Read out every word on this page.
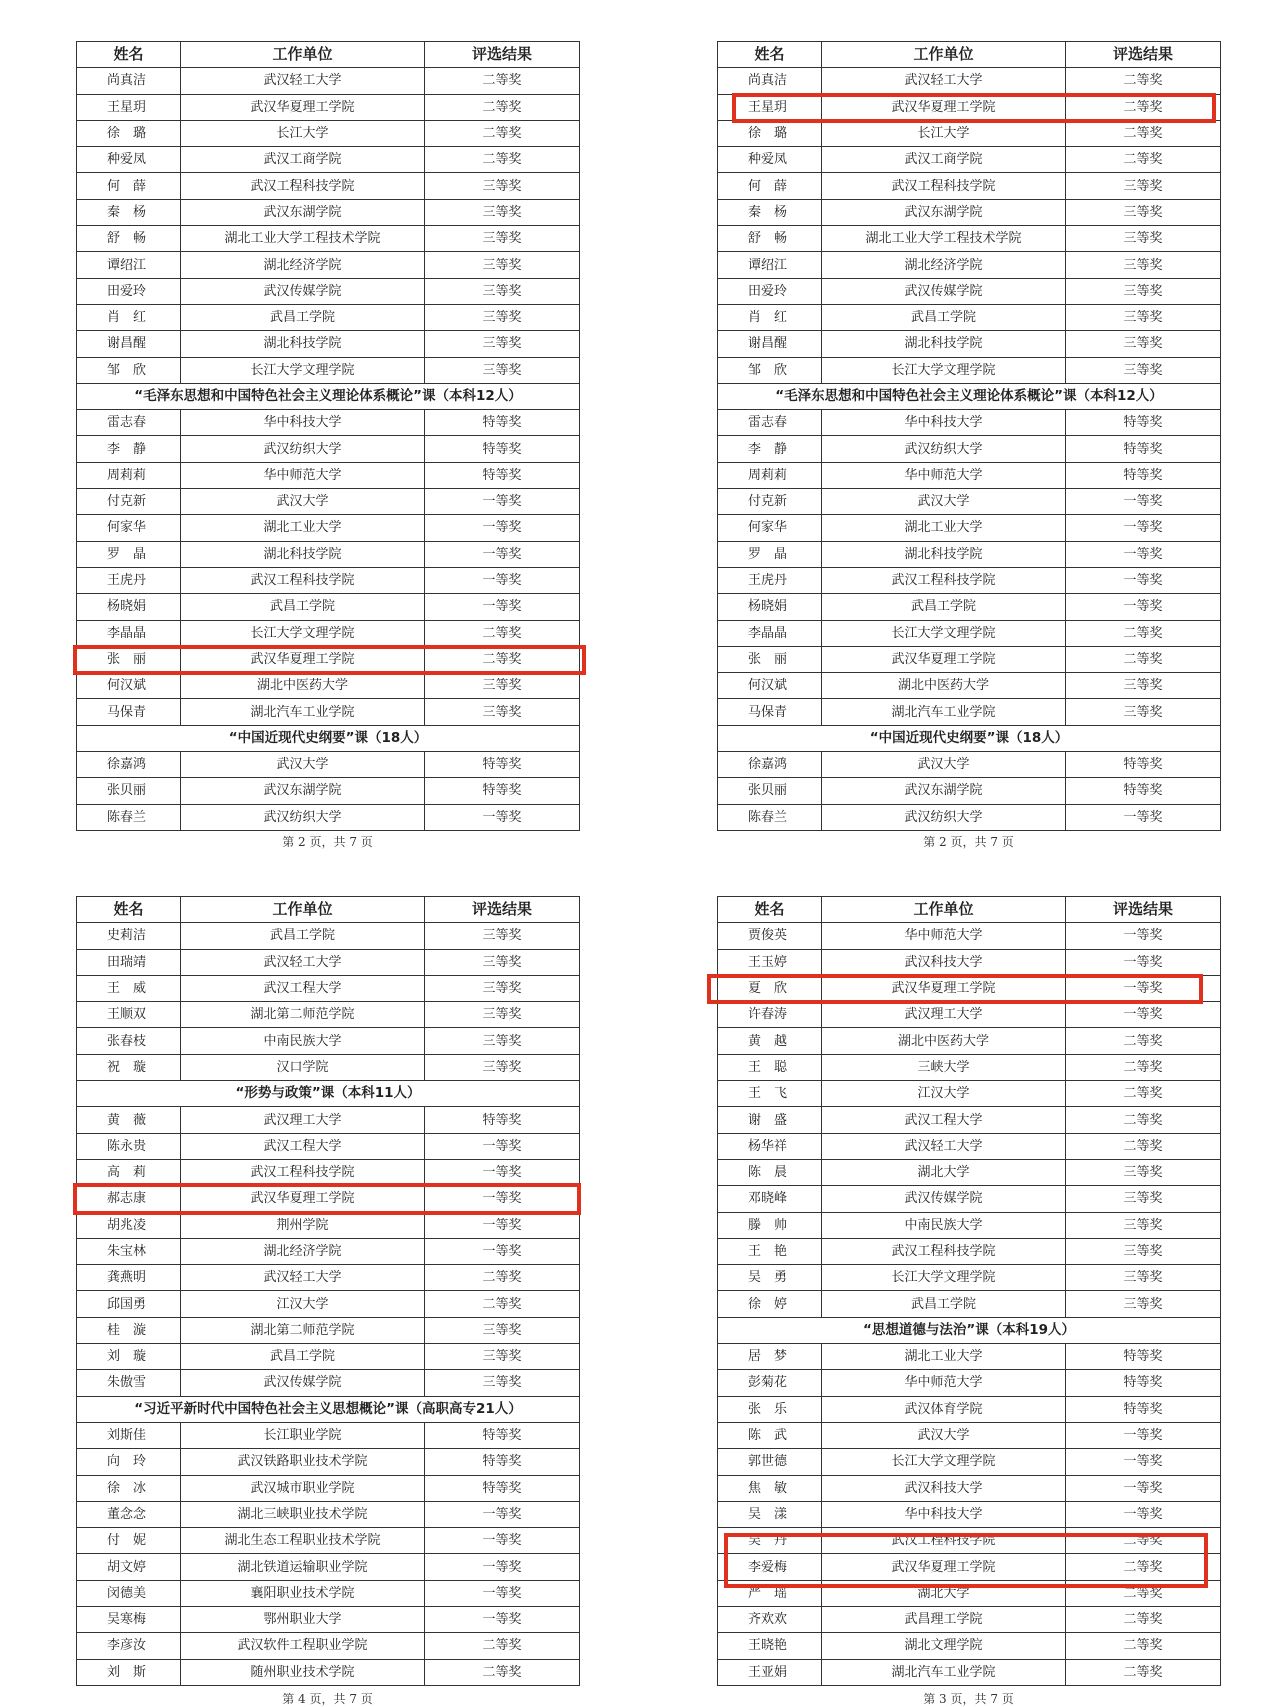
姓名	工作单位	评选结果
尚真洁	武汉轻工大学	二等奖
王星玥	武汉华夏理工学院	二等奖
徐　璐	长江大学	二等奖
种爱凤	武汉工商学院	二等奖
何　薛	武汉工程科技学院	三等奖
秦　杨	武汉东湖学院	三等奖
舒　畅	湖北工业大学工程技术学院	三等奖
谭绍江	湖北经济学院	三等奖
田爱玲	武汉传媒学院	三等奖
肖　红	武昌工学院	三等奖
谢昌醒	湖北科技学院	三等奖
邹　欣	长江大学文理学院	三等奖
“毛泽东思想和中国特色社会主义理论体系概论”课（本科12人）		
雷志春	华中科技大学	特等奖
李　静	武汉纺织大学	特等奖
周莉莉	华中师范大学	特等奖
付克新	武汉大学	一等奖
何家华	湖北工业大学	一等奖
罗　晶	湖北科技学院	一等奖
王虎丹	武汉工程科技学院	一等奖
杨晓娟	武昌工学院	一等奖
李晶晶	长江大学文理学院	二等奖
张　丽	武汉华夏理工学院	二等奖
何汉斌	湖北中医药大学	三等奖
马保青	湖北汽车工业学院	三等奖
“中国近现代史纲要”课（18人）		
徐嘉鸿	武汉大学	特等奖
张贝丽	武汉东湖学院	特等奖
陈春兰	武汉纺织大学	一等奖
第 2 页，共 7 页
姓名	工作单位	评选结果
尚真洁	武汉轻工大学	二等奖
王星玥	武汉华夏理工学院	二等奖
徐　璐	长江大学	二等奖
种爱凤	武汉工商学院	二等奖
何　薛	武汉工程科技学院	三等奖
秦　杨	武汉东湖学院	三等奖
舒　畅	湖北工业大学工程技术学院	三等奖
谭绍江	湖北经济学院	三等奖
田爱玲	武汉传媒学院	三等奖
肖　红	武昌工学院	三等奖
谢昌醒	湖北科技学院	三等奖
邹　欣	长江大学文理学院	三等奖
“毛泽东思想和中国特色社会主义理论体系概论”课（本科12人）		
雷志春	华中科技大学	特等奖
李　静	武汉纺织大学	特等奖
周莉莉	华中师范大学	特等奖
付克新	武汉大学	一等奖
何家华	湖北工业大学	一等奖
罗　晶	湖北科技学院	一等奖
王虎丹	武汉工程科技学院	一等奖
杨晓娟	武昌工学院	一等奖
李晶晶	长江大学文理学院	二等奖
张　丽	武汉华夏理工学院	二等奖
何汉斌	湖北中医药大学	三等奖
马保青	湖北汽车工业学院	三等奖
“中国近现代史纲要”课（18人）		
徐嘉鸿	武汉大学	特等奖
张贝丽	武汉东湖学院	特等奖
陈春兰	武汉纺织大学	一等奖
第 2 页，共 7 页
姓名	工作单位	评选结果
史莉洁	武昌工学院	三等奖
田瑞靖	武汉轻工大学	三等奖
王　威	武汉工程大学	三等奖
王顺双	湖北第二师范学院	三等奖
张春枝	中南民族大学	三等奖
祝　璇	汉口学院	三等奖
“形势与政策”课（本科11人）		
黄　薇	武汉理工大学	特等奖
陈永贵	武汉工程大学	一等奖
高　莉	武汉工程科技学院	一等奖
郝志康	武汉华夏理工学院	一等奖
胡兆凌	荆州学院	一等奖
朱宝林	湖北经济学院	一等奖
龚燕明	武汉轻工大学	二等奖
邱国勇	江汉大学	二等奖
桂　漩	湖北第二师范学院	三等奖
刘　璇	武昌工学院	三等奖
朱傲雪	武汉传媒学院	三等奖
“习近平新时代中国特色社会主义思想概论”课（高职高专21人）		
刘斯佳	长江职业学院	特等奖
向　玲	武汉铁路职业技术学院	特等奖
徐　冰	武汉城市职业学院	特等奖
董念念	湖北三峡职业技术学院	一等奖
付　妮	湖北生态工程职业技术学院	一等奖
胡文婷	湖北铁道运输职业学院	一等奖
闵德美	襄阳职业技术学院	一等奖
吴寒梅	鄂州职业大学	一等奖
李彦汝	武汉软件工程职业学院	二等奖
刘　斯	随州职业技术学院	二等奖
第 4 页，共 7 页
姓名	工作单位	评选结果
贾俊英	华中师范大学	一等奖
王玉婷	武汉科技大学	一等奖
夏　欣	武汉华夏理工学院	一等奖
许春涛	武汉理工大学	一等奖
黄　越	湖北中医药大学	二等奖
王　聪	三峡大学	二等奖
王　飞	江汉大学	二等奖
谢　盛	武汉工程大学	二等奖
杨华祥	武汉轻工大学	二等奖
陈　晨	湖北大学	三等奖
邓晓峰	武汉传媒学院	三等奖
滕　帅	中南民族大学	三等奖
王　艳	武汉工程科技学院	三等奖
吴　勇	长江大学文理学院	三等奖
徐　婷	武昌工学院	三等奖
“思想道德与法治”课（本科19人）		
居　梦	湖北工业大学	特等奖
彭菊花	华中师范大学	特等奖
张　乐	武汉体育学院	特等奖
陈　武	武汉大学	一等奖
郭世德	长江大学文理学院	一等奖
焦　敏	武汉科技大学	一等奖
吴　漾	华中科技大学	一等奖
吴　丹	武汉工程科技学院	二等奖
李爱梅	武汉华夏理工学院	二等奖
严　瑶	湖北大学	二等奖
齐欢欢	武昌理工学院	二等奖
王晓艳	湖北文理学院	二等奖
王亚娟	湖北汽车工业学院	二等奖
第 3 页，共 7 页
